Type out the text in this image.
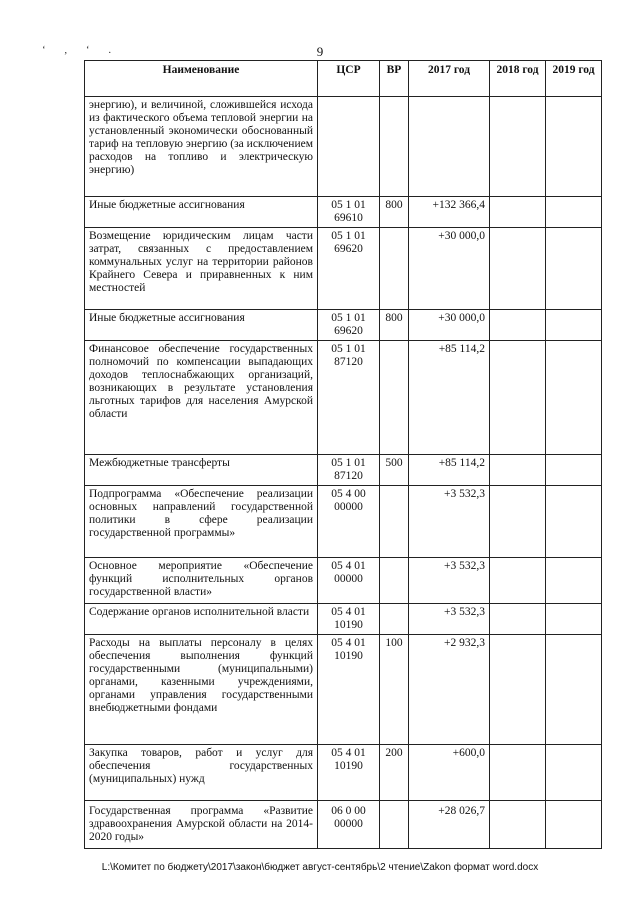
‘ , ‘ .	9
Наименование	ЦСР	ВР	2017 год	2018 год	2019 год
энергию), и величиной, сложившейся исхода из фактического объема тепловой энергии на установленный экономически обоснованный тариф на тепловую энергию (за исключением расходов на топливо и электрическую энергию)					
Иные бюджетные ассигнования	05 1 01 69610	800	+132 366,4		
Возмещение юридическим лицам части затрат, связанных с предоставлением коммунальных услуг на территории районов Крайнего Севера и приравненных к ним местностей	05 1 01 69620		+30 000,0		
Иные бюджетные ассигнования	05 1 01 69620	800	+30 000,0		
Финансовое обеспечение государственных полномочий по компенсации выпадающих доходов теплоснабжающих организаций, возникающих в результате установления льготных тарифов для населения Амурской области	05 1 01 87120		+85 114,2		
Межбюджетные трансферты	05 1 01 87120	500	+85 114,2		
Подпрограмма «Обеспечение реализации основных направлений государственной политики в сфере реализации государственной программы»	05 4 00 00000		+3 532,3		
Основное мероприятие «Обеспечение функций исполнительных органов государственной власти»	05 4 01 00000		+3 532,3		
Содержание органов исполнительной власти	05 4 01 10190		+3 532,3		
Расходы на выплаты персоналу в целях обеспечения выполнения функций государственными (муниципальными) органами, казенными учреждениями, органами управления государственными внебюджетными фондами	05 4 01 10190	100	+2 932,3		
Закупка товаров, работ и услуг для обеспечения государственных (муниципальных) нужд	05 4 01 10190	200	+600,0		
Государственная программа «Развитие здравоохранения Амурской области на 2014-2020 годы»	06 0 00 00000		+28 026,7		
L:\Комитет по бюджету\2017\закон\бюджет август-сентябрь\2 чтение\Zakon формат word.docx
